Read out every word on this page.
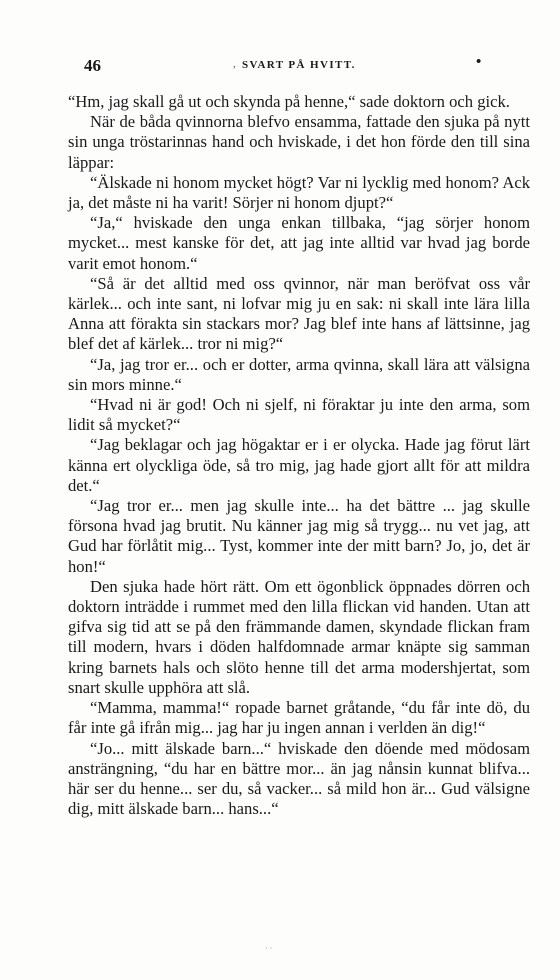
46	, SVART PÅ HVITT.	•

“Hm, jag skall gå ut och skynda på henne,“ sade doktorn och gick.

När de båda qvinnorna blefvo ensamma, fattade den sjuka på nytt sin unga tröstarinnas hand och hviskade, i det hon förde den till sina läppar:

“Älskade ni honom mycket högt? Var ni lycklig med honom? Ack ja, det måste ni ha varit! Sörjer ni honom djupt?“

“Ja,“ hviskade den unga enkan tillbaka, “jag sörjer honom mycket... mest kanske för det, att jag inte alltid var hvad jag borde varit emot honom.“

“Så är det alltid med oss qvinnor, när man beröfvat oss vår kärlek... och inte sant, ni lofvar mig ju en sak: ni skall inte lära lilla Anna att förakta sin stackars mor? Jag blef inte hans af lättsinne, jag blef det af kärlek... tror ni mig?“

“Ja, jag tror er... och er dotter, arma qvinna, skall lära att välsigna sin mors minne.“

“Hvad ni är god! Och ni sjelf, ni föraktar ju inte den arma, som lidit så mycket?“

“Jag beklagar och jag högaktar er i er olycka. Hade jag förut lärt känna ert olyckliga öde, så tro mig, jag hade gjort allt för att mildra det.“

“Jag tror er... men jag skulle inte... ha det bättre ... jag skulle försona hvad jag brutit. Nu känner jag mig så trygg... nu vet jag, att Gud har förlåtit mig... Tyst, kommer inte der mitt barn? Jo, jo, det är hon!“

Den sjuka hade hört rätt. Om ett ögonblick öppnades dörren och doktorn inträdde i rummet med den lilla flickan vid handen. Utan att gifva sig tid att se på den främmande damen, skyndade flickan fram till modern, hvars i döden halfdomnade armar knäpte sig samman kring barnets hals och slöto henne till det arma modershjertat, som snart skulle upphöra att slå.

“Mamma, mamma!“ ropade barnet gråtande, “du får inte dö, du får inte gå ifrån mig... jag har ju ingen annan i verlden än dig!“

“Jo... mitt älskade barn...“ hviskade den döende med mödosam ansträngning, “du har en bättre mor... än jag nånsin kunnat blifva... här ser du henne... ser du, så vacker... så mild hon är... Gud välsigne dig, mitt älskade barn... hans...“

· ·
